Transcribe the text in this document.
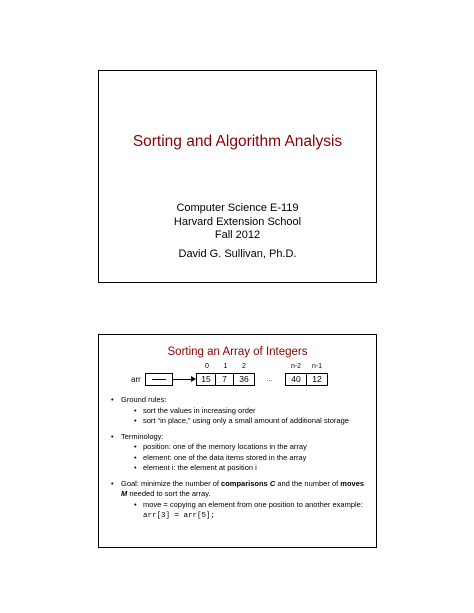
Sorting and Algorithm Analysis
Computer Science E-119
Harvard Extension School
Fall 2012
David G. Sullivan, Ph.D.
Sorting an Array of Integers
arr
0	1	2	n-2	n-1
15	7	36	…	40	12
• Ground rules:
• sort the values in increasing order
• sort “in place,” using only a small amount of additional storage
• Terminology:
• position: one of the memory locations in the array
• element: one of the data items stored in the array
• element i: the element at position i
• Goal: minimize the number of comparisons C and the number of moves M needed to sort the array.
• move = copying an element from one position to another example: arr[3] = arr[5];
